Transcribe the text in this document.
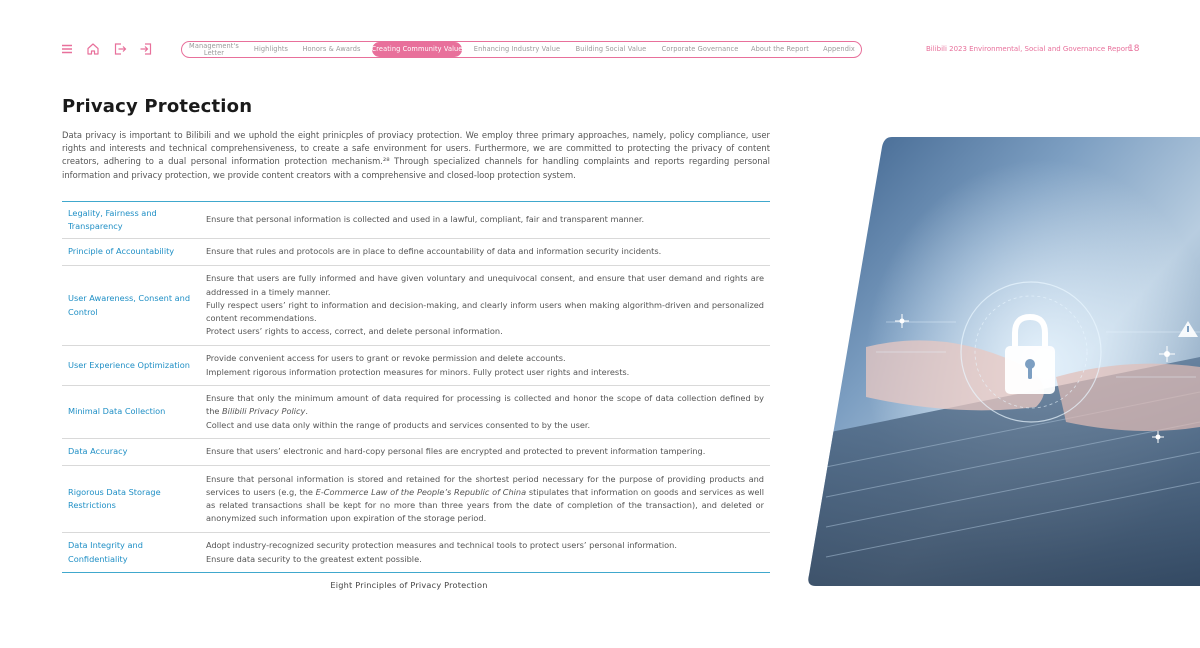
Management's Letter	Highlights	Honors & Awards	Creating Community Value	Enhancing Industry Value	Building Social Value	Corporate Governance	About the Report	Appendix	Bilibili 2023 Environmental, Social and Governance Report
18
Privacy Protection

Data privacy is important to Bilibili and we uphold the eight prinicples of proviacy protection. We employ three primary approaches, namely, policy compliance, user rights and interests and technical comprehensiveness, to create a safe environment for users. Furthermore, we are committed to protecting the privacy of content creators, adhering to a dual personal information protection mechanism.²⁸ Through specialized channels for handling complaints and reports regarding personal information and privacy protection, we provide content creators with a comprehensive and closed-loop protection system.

Legality, Fairness and Transparency	Ensure that personal information is collected and used in a lawful, compliant, fair and transparent manner.

Principle of Accountability	Ensure that rules and protocols are in place to define accountability of data and information security incidents.

User Awareness, Consent and Control	Ensure that users are fully informed and have given voluntary and unequivocal consent, and ensure that user demand and rights are addressed in a timely manner.
Fully respect users’ right to information and decision-making, and clearly inform users when making algorithm-driven and personalized content recommendations.
Protect users’ rights to access, correct, and delete personal information.

User Experience Optimization	Provide convenient access for users to grant or revoke permission and delete accounts.
Implement rigorous information protection measures for minors. Fully protect user rights and interests.

Minimal Data Collection	Ensure that only the minimum amount of data required for processing is collected and honor the scope of data collection defined by the Bilibili Privacy Policy.
Collect and use data only within the range of products and services consented to by the user.

Data Accuracy	Ensure that users’ electronic and hard-copy personal files are encrypted and protected to prevent information tampering.

Rigorous Data Storage Restrictions	Ensure that personal information is stored and retained for the shortest period necessary for the purpose of providing products and services to users (e.g, the E-Commerce Law of the People’s Republic of China stipulates that information on goods and services as well as related transactions shall be kept for no more than three years from the date of completion of the transaction), and deleted or anonymized such information upon expiration of the storage period.

Data Integrity and Confidentiality	Adopt industry-recognized security protection measures and technical tools to protect users’ personal information.
Ensure data security to the greatest extent possible.
Eight Principles of Privacy Protection
